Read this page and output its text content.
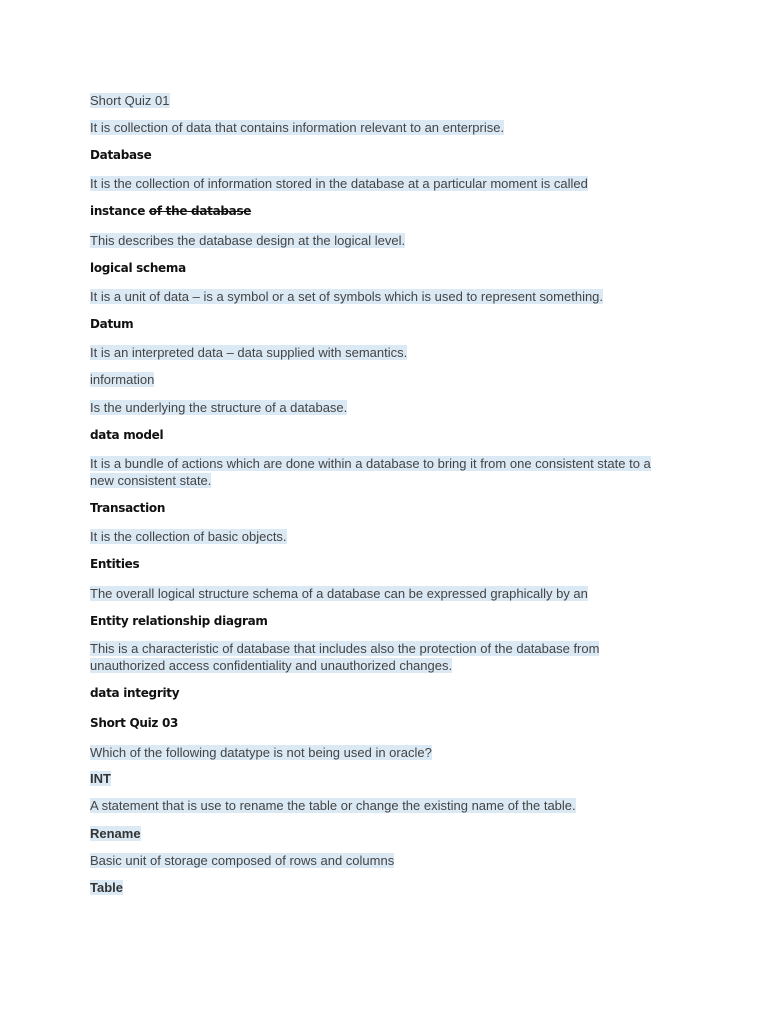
Short Quiz 01
It is collection of data that contains information relevant to an enterprise.
Database
It is the collection of information stored in the database at a particular moment is called
instance of the database
This describes the database design at the logical level.
logical schema
It is a unit of data – is a symbol or a set of symbols which is used to represent something.
Datum
It is an interpreted data – data supplied with semantics.
information
Is the underlying the structure of a database.
data model
It is a bundle of actions which are done within a database to bring it from one consistent state to a
new consistent state.
Transaction
It is the collection of basic objects.
Entities
The overall logical structure schema of a database can be expressed graphically by an
Entity relationship diagram
This is a characteristic of database that includes also the protection of the database from
unauthorized access confidentiality and unauthorized changes.
data integrity
Short Quiz 03
Which of the following datatype is not being used in oracle?
INT
A statement that is use to rename the table or change the existing name of the table.
Rename
Basic unit of storage composed of rows and columns
Table
